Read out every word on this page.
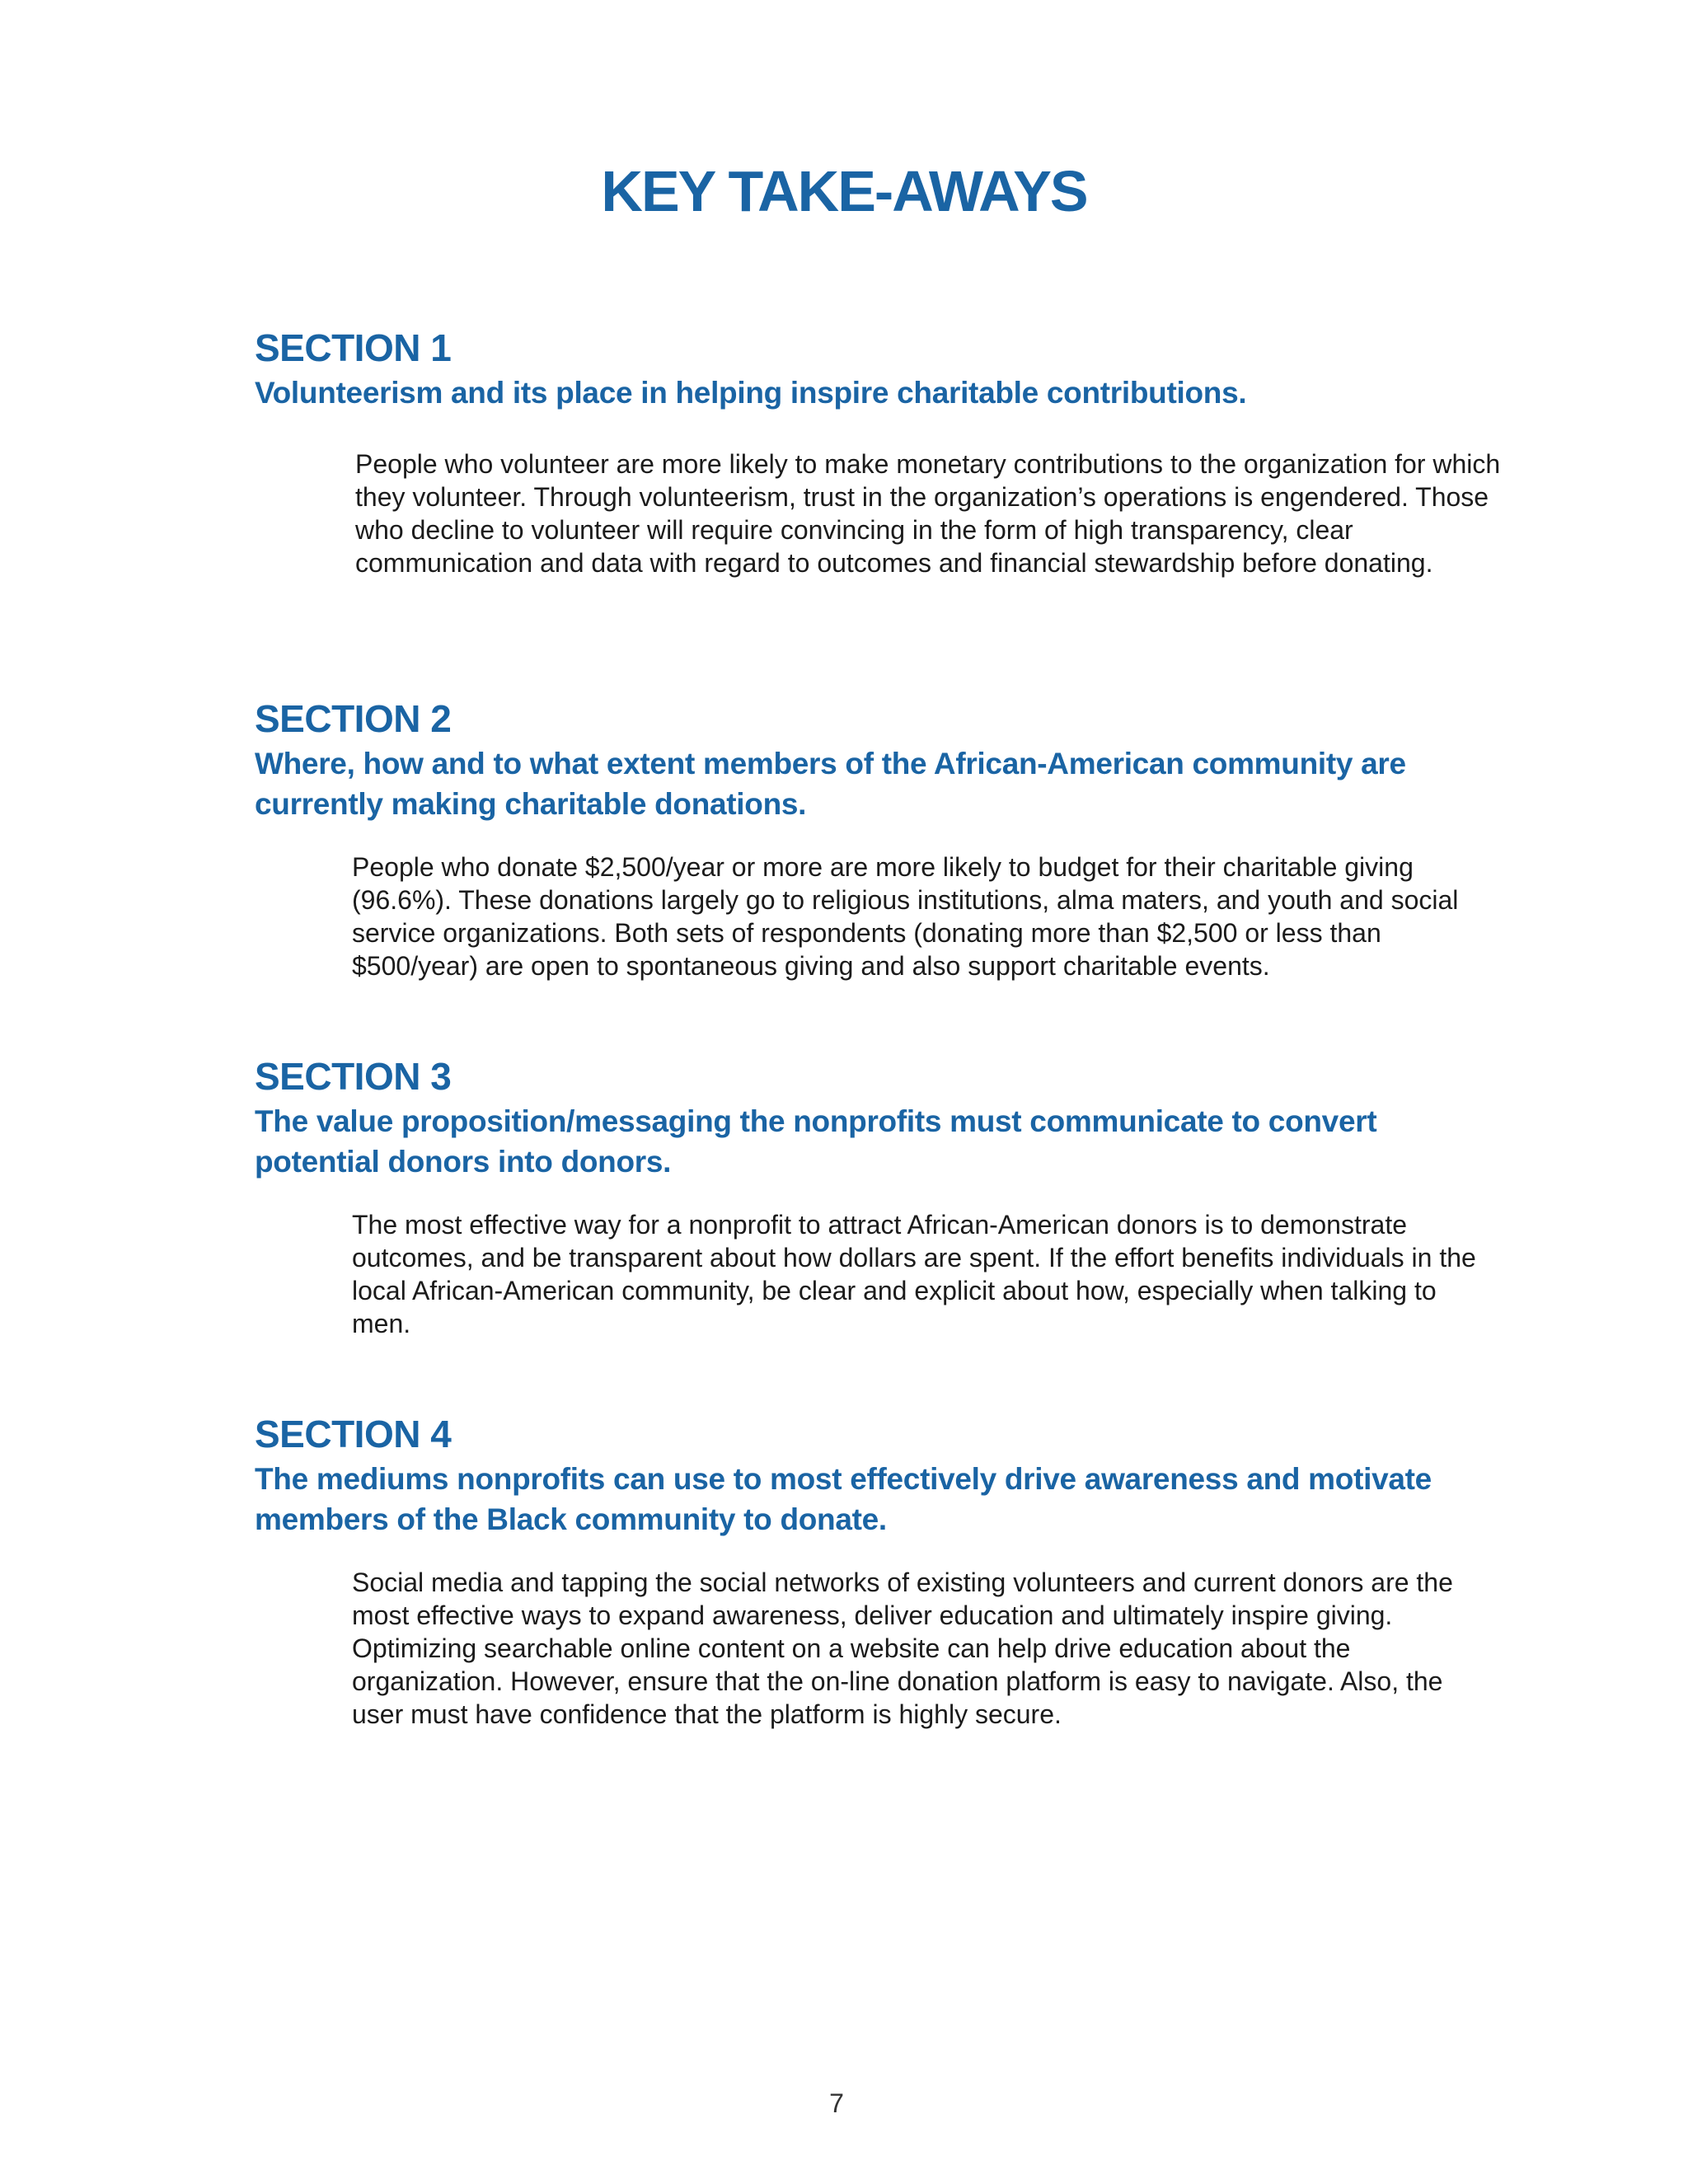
KEY TAKE-AWAYS
SECTION 1
Volunteerism and its place in helping inspire charitable contributions.
People who volunteer are more likely to make monetary contributions to the organization for which they volunteer. Through volunteerism, trust in the organization’s operations is engendered. Those who decline to volunteer will require convincing in the form of high transparency, clear communication and data with regard to outcomes and financial stewardship before donating.
SECTION 2
Where, how and to what extent members of the African-American community are currently making charitable donations.
People who donate $2,500/year or more are more likely to budget for their charitable giving (96.6%). These donations largely go to religious institutions, alma maters, and youth and social service organizations. Both sets of respondents (donating more than $2,500 or less than $500/year) are open to spontaneous giving and also support charitable events.
SECTION 3
The value proposition/messaging the nonprofits must communicate to convert potential donors into donors.
The most effective way for a nonprofit to attract African-American donors is to demonstrate outcomes, and be transparent about how dollars are spent. If the effort benefits individuals in the local African-American community, be clear and explicit about how, especially when talking to men.
SECTION 4
The mediums nonprofits can use to most effectively drive awareness and motivate members of the Black community to donate.
Social media and tapping the social networks of existing volunteers and current donors are the most effective ways to expand awareness, deliver education and ultimately inspire giving. Optimizing searchable online content on a website can help drive education about the organization. However, ensure that the on-line donation platform is easy to navigate. Also, the user must have confidence that the platform is highly secure.
7
